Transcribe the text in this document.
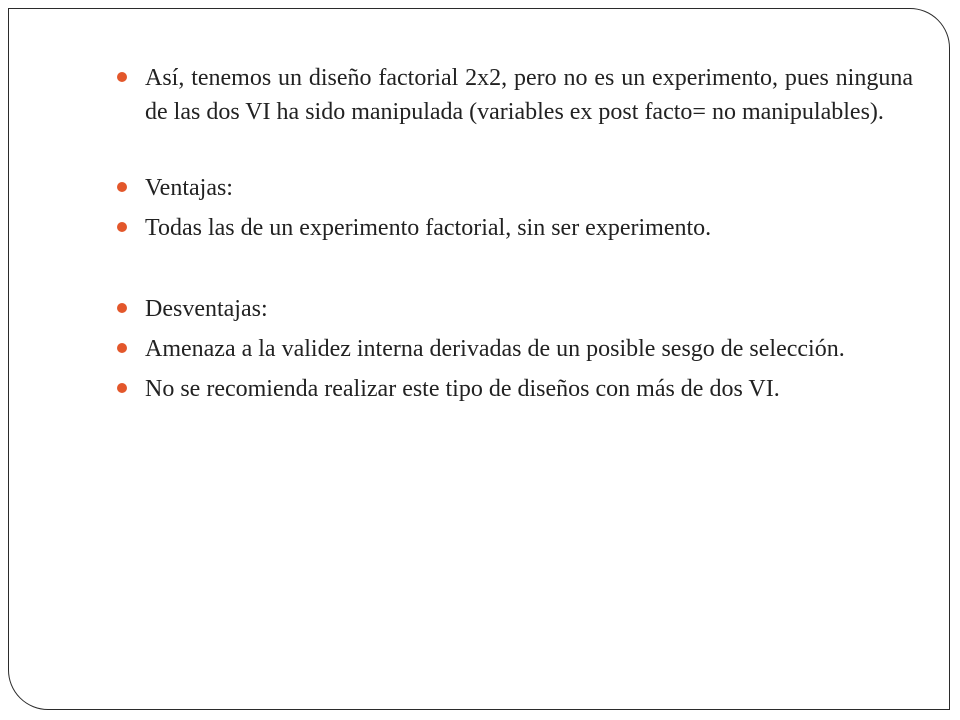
Así, tenemos un diseño factorial 2x2, pero no es un experimento, pues ninguna de las dos VI ha sido manipulada (variables ex post facto= no manipulables).
Ventajas:
Todas las de un experimento factorial, sin ser experimento.
Desventajas:
Amenaza a la validez interna derivadas de un posible sesgo de selección.
No se recomienda realizar este tipo de diseños con más de dos VI.
